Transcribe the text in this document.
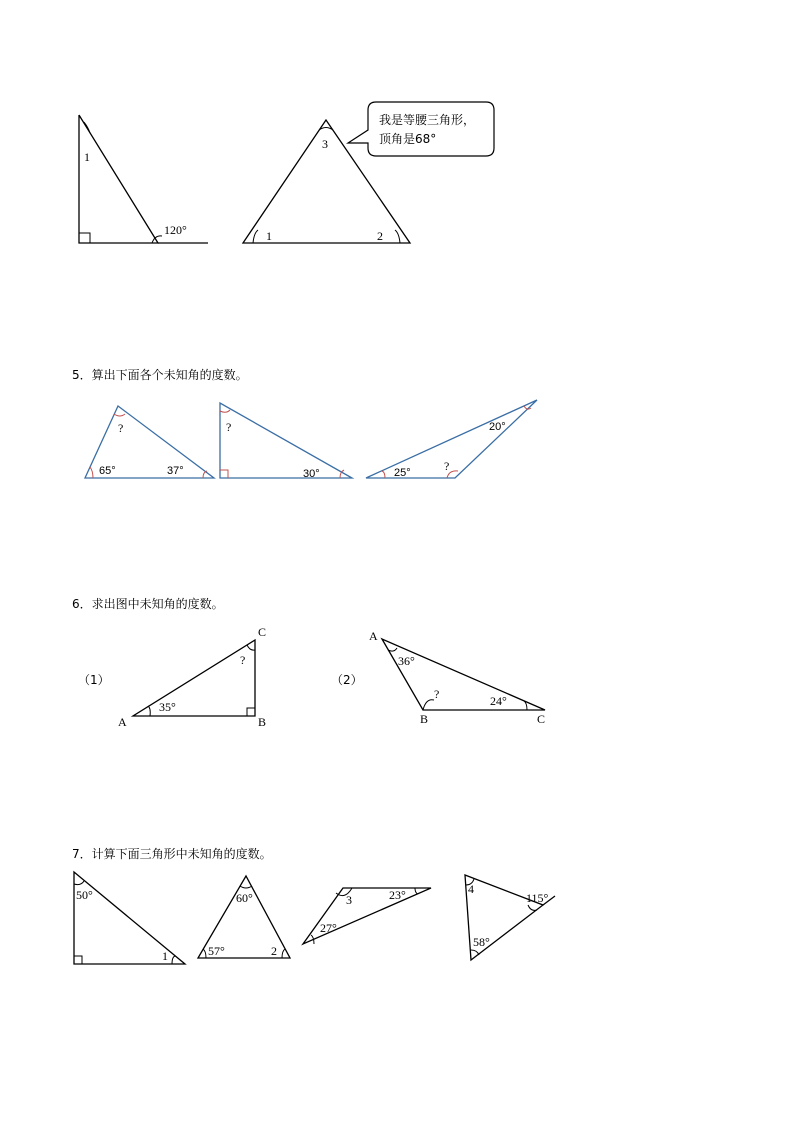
1
120°
3
1	2
我是等腰三角形，
顶角是68°
?
65°	37°
?
30°
20°
25°	?
A	B
C
35°
?
A
B	C
36°
?	24°
50°
1
60°
57°	2
3	23°
27°
4
115°
58°
5．算出下面各个未知角的度数。
6．求出图中未知角的度数。
（1）	（2）
7．计算下面三角形中未知角的度数。
